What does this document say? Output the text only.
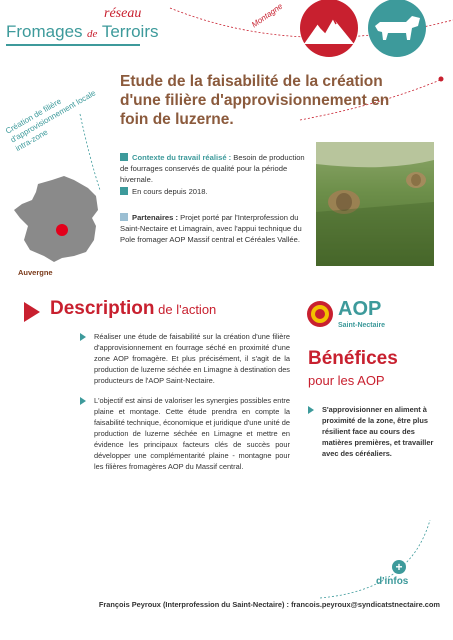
réseau
Fromages de Terroirs
Montagne
Etude de la faisabilité de la création d'une filière d'approvisionnement en foin de luzerne.
Création de filière d'approvisionnement locale intra-zone
Auvergne
Contexte du travail réalisé : Besoin de production de fourrages conservés de qualité pour la période hivernale.
En cours depuis 2018.
Partenaires : Projet porté par l'Interprofession du Saint-Nectaire et Limagrain, avec l'appui technique du Pole fromager AOP Massif central et Céréales Vallée.
Description de l'action
Réaliser une étude de faisabilité sur la création d'une filière d'approvisionnement en fourrage séché en proximité d'une zone AOP fromagère. Et plus précisément, il s'agit de la production de luzerne séchée en Limagne à destination des producteurs de l'AOP Saint-Nectaire.
L'objectif est ainsi de valoriser les synergies possibles entre plaine et montage. Cette étude prendra en compte la faisabilité technique, économique et juridique d'une unité de production de luzerne séchée en Limagne et mettre en évidence les principaux facteurs clés de succès pour développer une complémentarité plaine - montagne pour les filières fromagères AOP du Massif central.
AOP
Saint-Nectaire
Bénéfices
pour les AOP
S'approvisionner en aliment à proximité de la zone, être plus résilient face au cours des matières premières, et travailler avec des céréaliers.
+
d'infos
François Peyroux (Interprofession du Saint-Nectaire) : francois.peyroux@syndicatstnectaire.com
